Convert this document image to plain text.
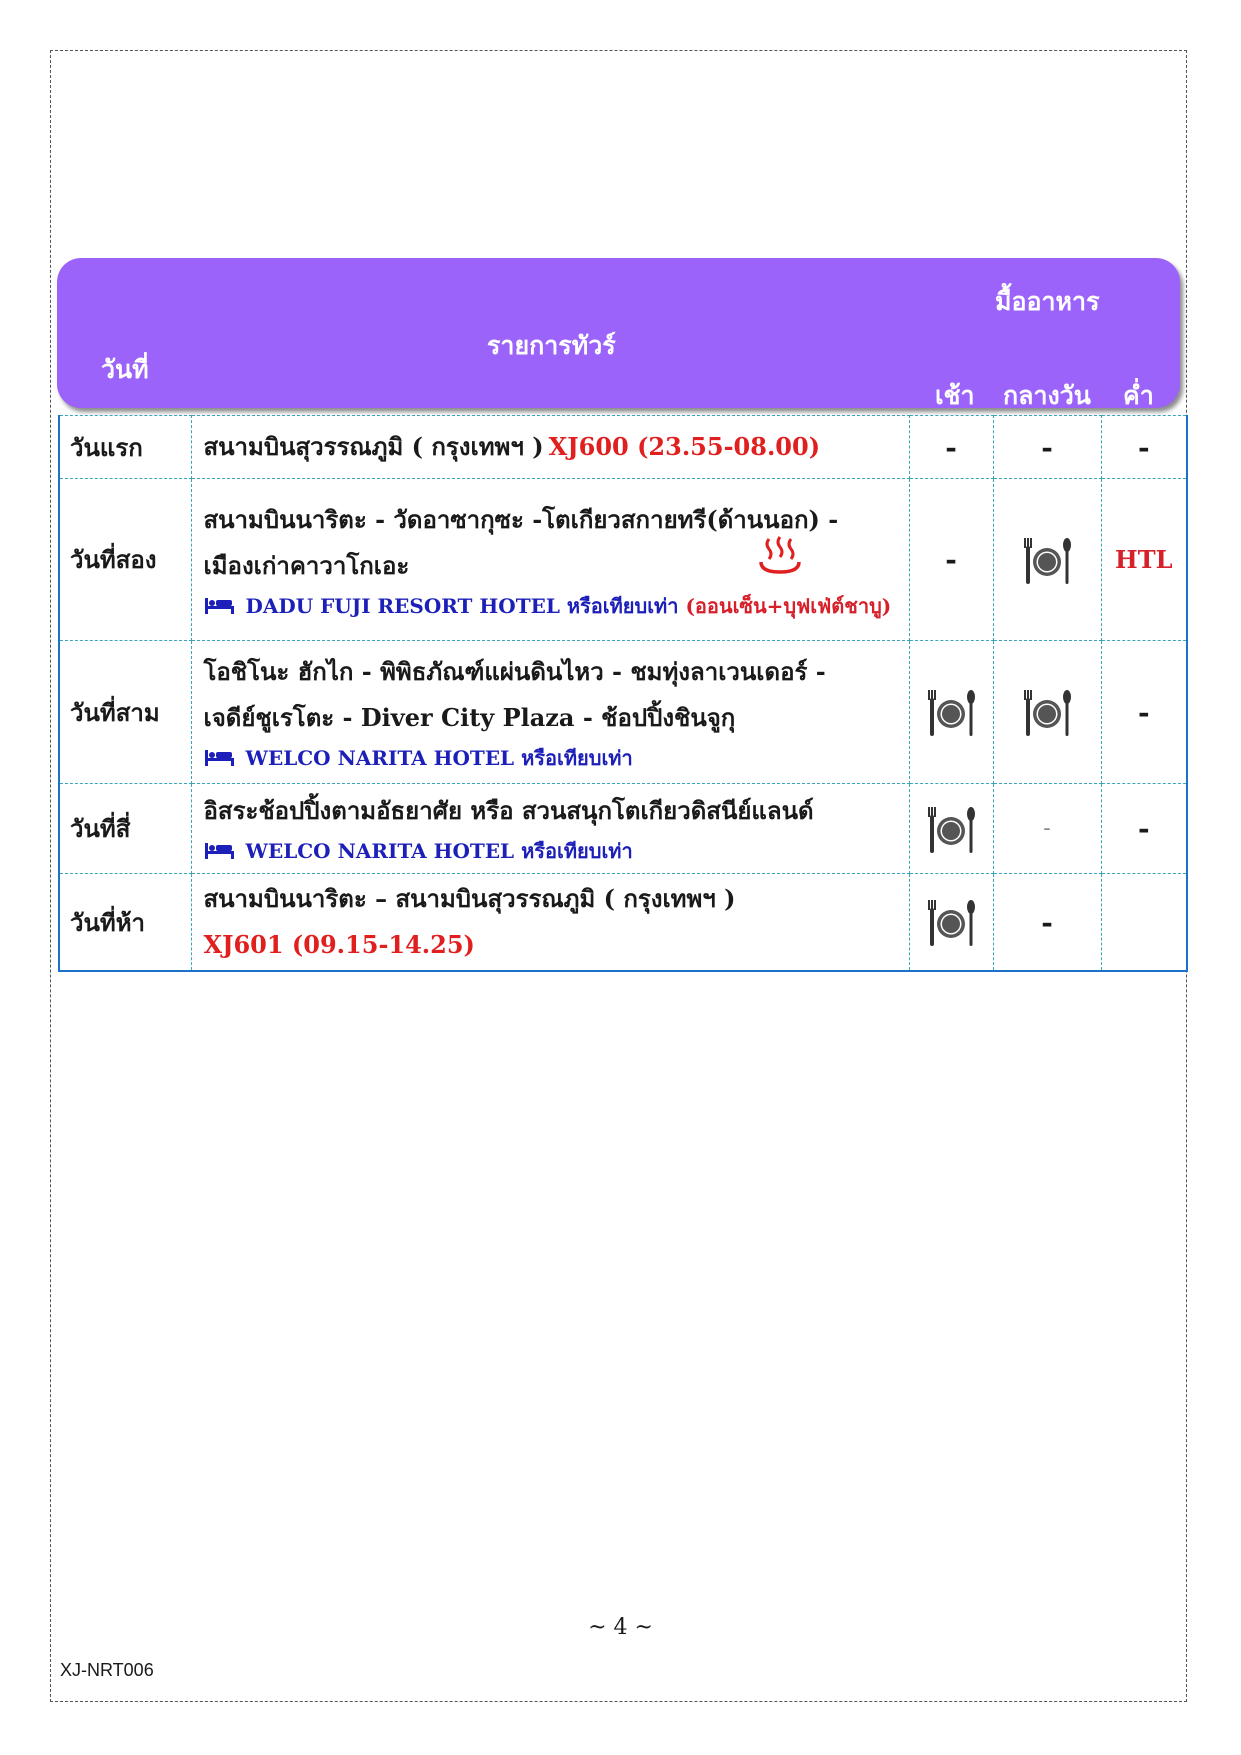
วันที่
รายการทัวร์
มื้ออาหาร
เช้า กลางวัน ค่ำ
วันแรก	สนามบินสุวรรณภูมิ ( กรุงเทพฯ ) XJ600 (23.55-08.00)	-	-	-
วันที่สอง	สนามบินนาริตะ - วัดอาซากุซะ -โตเกียวสกายทรี(ด้านนอก) -
เมืองเก่าคาวาโกเอะ
DADU FUJI RESORT HOTEL หรือเทียบเท่า (ออนเซ็น+บุฟเฟ่ต์ชาบู)	-		HTL
วันที่สาม	โอชิโนะ ฮักไก - พิพิธภัณฑ์แผ่นดินไหว - ชมทุ่งลาเวนเดอร์ -
เจดีย์ชูเรโตะ - Diver City Plaza - ช้อปปิ้งชินจูกุ
WELCO NARITA HOTEL หรือเทียบเท่า			-
วันที่สี่	อิสระช้อปปิ้งตามอัธยาศัย หรือ สวนสนุกโตเกียวดิสนีย์แลนด์
WELCO NARITA HOTEL หรือเทียบเท่า		-	-
วันที่ห้า	สนามบินนาริตะ – สนามบินสุวรรณภูมิ ( กรุงเทพฯ )
XJ601 (09.15-14.25)		-	
~ 4 ~
XJ-NRT006
